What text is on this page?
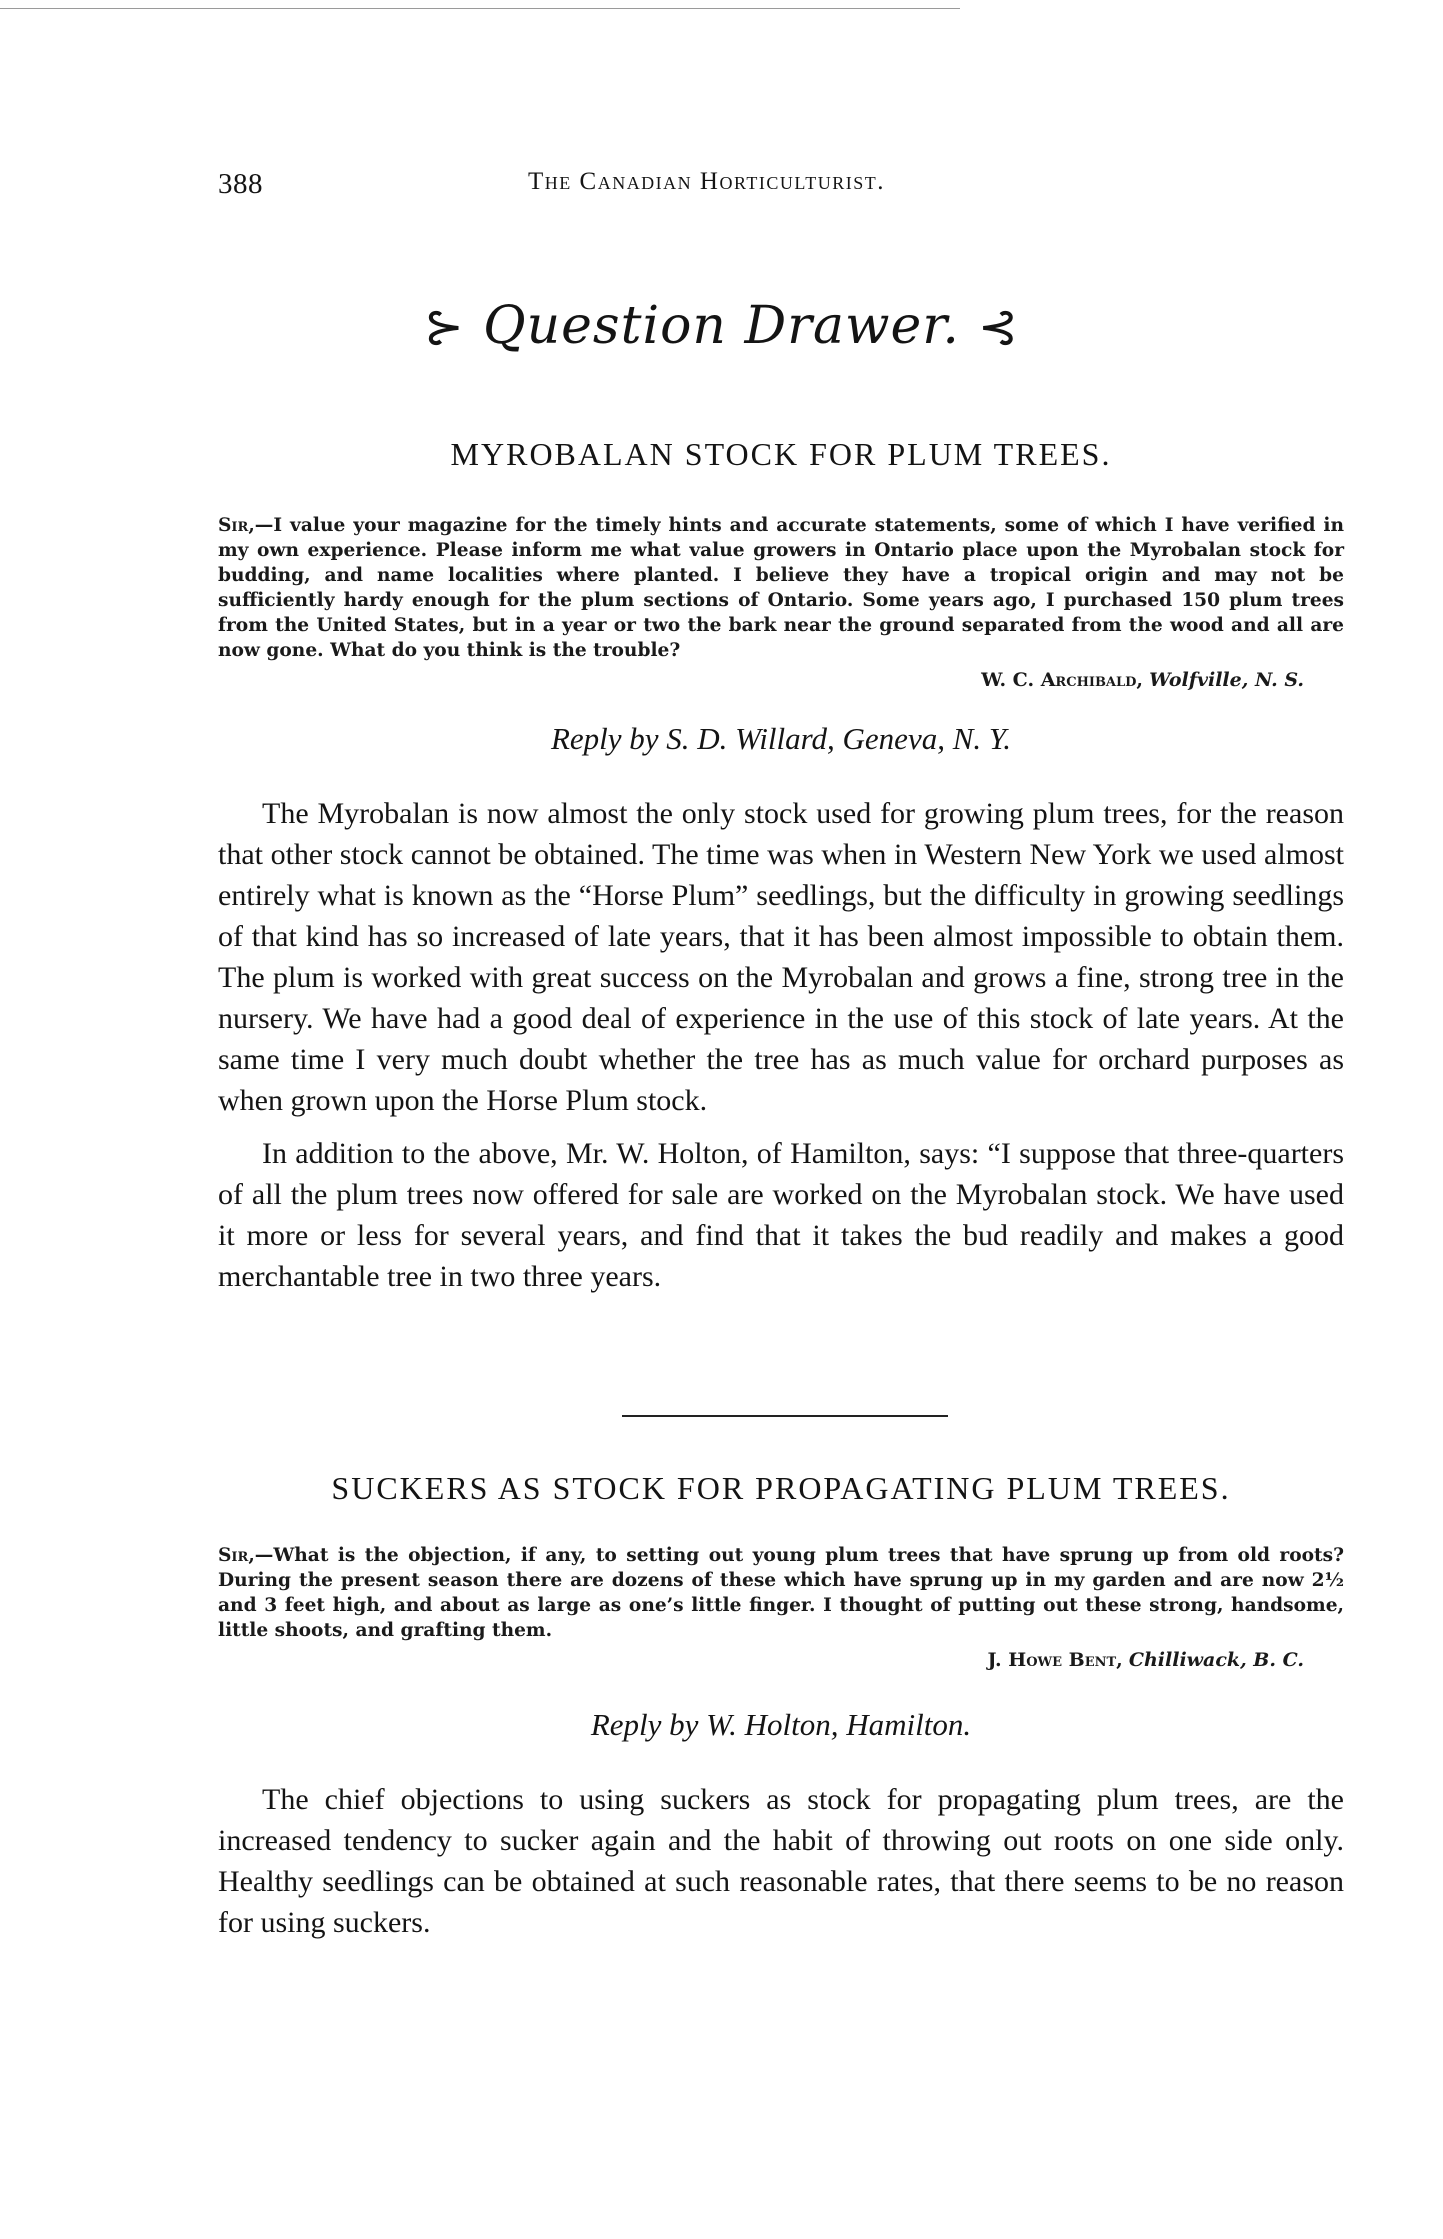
388	The Canadian Horticulturist.
⊱ Question Drawer. ⊰
MYROBALAN STOCK FOR PLUM TREES.

Sir,—I value your magazine for the timely hints and accurate statements, some of which I have verified in my own experience. Please inform me what value growers in Ontario place upon the Myrobalan stock for budding, and name localities where planted. I believe they have a tropical origin and may not be sufficiently hardy enough for the plum sections of Ontario. Some years ago, I purchased 150 plum trees from the United States, but in a year or two the bark near the ground separated from the wood and all are now gone. What do you think is the trouble?

W. C. Archibald, Wolfville, N. S.

Reply by S. D. Willard, Geneva, N. Y.

The Myrobalan is now almost the only stock used for growing plum trees, for the reason that other stock cannot be obtained. The time was when in Western New York we used almost entirely what is known as the “Horse Plum” seedlings, but the difficulty in growing seedlings of that kind has so increased of late years, that it has been almost impossible to obtain them. The plum is worked with great success on the Myrobalan and grows a fine, strong tree in the nursery. We have had a good deal of experience in the use of this stock of late years. At the same time I very much doubt whether the tree has as much value for orchard purposes as when grown upon the Horse Plum stock.

In addition to the above, Mr. W. Holton, of Hamilton, says: “I suppose that three-quarters of all the plum trees now offered for sale are worked on the Myrobalan stock. We have used it more or less for several years, and find that it takes the bud readily and makes a good merchantable tree in two three years.

SUCKERS AS STOCK FOR PROPAGATING PLUM TREES.

Sir,—What is the objection, if any, to setting out young plum trees that have sprung up from old roots? During the present season there are dozens of these which have sprung up in my garden and are now 2½ and 3 feet high, and about as large as one’s little finger. I thought of putting out these strong, handsome, little shoots, and grafting them.

J. Howe Bent, Chilliwack, B. C.

Reply by W. Holton, Hamilton.

The chief objections to using suckers as stock for propagating plum trees, are the increased tendency to sucker again and the habit of throwing out roots on one side only. Healthy seedlings can be obtained at such reasonable rates, that there seems to be no reason for using suckers.
